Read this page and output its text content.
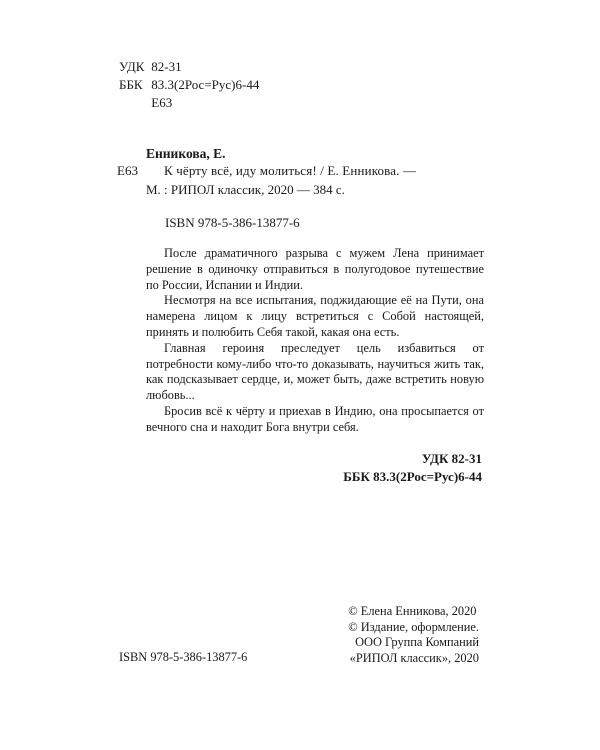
УДК 82-31
ББК 83.3(2Рос=Рус)6-44
Е63
Енникова, Е.
Е63 К чёрту всё, иду молиться! / Е. Енникова. —
М. : РИПОЛ классик, 2020 — 384 с.
ISBN 978-5-386-13877-6

После драматичного разрыва с мужем Лена принимает решение в одиночку отправиться в полугодовое путешествие по России, Испании и Индии.

Несмотря на все испытания, поджидающие её на Пути, она намерена лицом к лицу встретиться с Собой настоящей, принять и полюбить Себя такой, какая она есть.

Главная героиня преследует цель избавиться от потребности кому-либо что-то доказывать, научиться жить так, как подсказывает сердце, и, может быть, даже встретить новую любовь...

Бросив всё к чёрту и приехав в Индию, она просыпается от вечного сна и находит Бога внутри себя.

УДК 82-31
ББК 83.3(2Рос=Рус)6-44
© Елена Енникова, 2020
© Издание, оформление.
ООО Группа Компаний
«РИПОЛ классик», 2020
ISBN 978-5-386-13877-6
